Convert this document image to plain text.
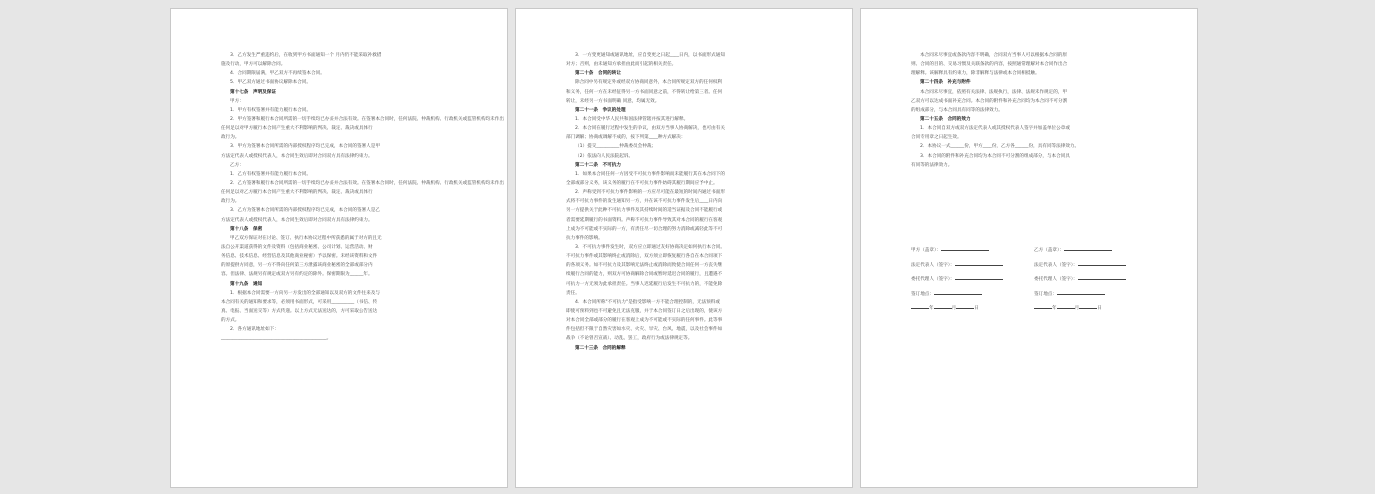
3．乙方发生严重违约后，在收到甲方书面通知一个 月内仍不能采取补救措
施及行动，甲方可以解除合同。
4．合同期限届满，甲乙双方不再续签本合同。
5．甲乙双方通过书面协议解除本合同。
第十七条　声明及保证
甲方：
1．甲方有权签署并有能力履行本合同。
2．甲方签署和履行本合同所需的一切手续均已办妥并合法有效。在签署本合同时，任何法院、仲裁机构、行政机关或监管机构均未作出
任何足以对甲方履行本合同产生重大不利影响的判决、裁定、裁决或具体行
政行为。
3．甲方为签署本合同所需的内部授权程序均已完成，本合同的签署人是甲
方法定代表人或授权代表人，本合同生效后即对合同双方具有法律约束力。
乙方：
1．乙方有权签署并有能力履行本合同。
2．乙方签署和履行本合同所需的一切手续均已办妥并合法有效。在签署本合同时，任何法院、仲裁机构、行政机关或监管机构均未作出
任何足以对乙方履行本合同产生重大不利影响的判决、裁定、裁决或具体行
政行为。
3．乙方为签署本合同所需的内部授权程序均已完成，本合同的签署人是乙
方法定代表人或授权代表人，本合同生效后即对合同双方具有法律约束力。
第十八条　保密
甲乙双方保证对在讨论、签订、执行本协议过程中所获悉的属于对方的且无
法自公开渠道获得的文件及资料（包括商业秘密、公司计划、运营活动、财
务信息、技术信息、经营信息及其他商业秘密）予以保密。未经该资料和文件
的原提供方同意，另一方不得向任何第三方泄露该商业秘密的全部或部分内
容。但法律、法规另有规定或双方另有约定的除外。保密期限为______年。
第十九条　通知
1．根据本合同需要一方向另一方发出的全部通知以及双方的文件往来及与
本合同有关的通知和要求等，必须用书面形式，可采用__________（书信、传
真、电报、当面送交等）方式传递。以上方式无法送达的，方可采取公告送达
的方式。
2．各方通讯地址如下：
______________________________________________。
3．一方变更通知或通讯地址，应自变更之日起____日内，以书面形式通知
对方；否则，由未通知方承担由此而引起的相关责任。
第二十条　合同的转让
除合同中另有规定外或经双方协商同意外，本合同所规定双方的任何权利
和义务，任何一方在未经征得另一方书面同意之前，不得转让给第三者。任何
转让，未经另一方书面明确 同意，均属无效。
第二十一条　争议的处理
1．本合同受中华人民共和国法律管辖并按其进行解释。
2．本合同在履行过程中发生的争议，由双方当事人协商解决，也可由有关
部门调解；协商或调解不成的，按下列第____种方式解决：
（1）提交__________仲裁委员会仲裁；
（2）依法向人民法院起诉。
第二十二条　不可抗力
1．如果本合同任何一方因受不可抗力事件影响而未能履行其在本合同下的
全部或部分义务，该义务的履行在不可抗力事件妨碍其履行期间应予中止。
2．声称受到不可抗力事件影响的一方应尽可能在最短的时间内通过书面形
式将不可抗力事件的发生通知另一方，并在该不可抗力事件发生后____日内向
另一方提供关于此种不可抗力事件及其持续时间的适当证据及合同不能履行或
者需要延期履行的书面资料。声称不可抗力事件导致其对本合同的履行在客观
上成为不可能或不实际的一方，有责任尽一切合理的努力消除或减轻此等不可
抗力事件的影响。
3．不可抗力事件发生时，双方应立即通过友好协商决定如何执行本合同。
不可抗力事件或其影响终止或消除后，双方须立即恢复履行各自在本合同项下
的各项义务。如不可抗力及其影响无法终止或消除而致使合同任何一方丧失继
续履行合同的能力，则双方可协商解除合同或暂时延迟合同的履行，且遭遇不
可抗力一方无须为此承担责任。当事人迟延履行后发生不可抗力的，不能免除
责任。
4．本合同所称"不可抗力"是指受影响一方不能合理控制的，无法预料或
即使可预料到也不可避免且无法克服，并于本合同签订日之后出现的，使该方
对本合同全部或部分的履行在客观上成为不可能或不实际的任何事件。此等事
件包括但不限于自然灾害如水灾、火灾、旱灾、台风、地震，以及社会事件如
战争（不论曾否宣战）、动乱、罢工，政府行为或法律规定等。
第二十三条　合同的解释
本合同未尽事宜或条款内容不明确，合同双方当事人可以根据本合同的原
则、合同的目的、交易习惯及关联条款的内容，按照通常理解对本合同作出合
理解释。该解释具有约束力，除非解释与法律或本合同相抵触。
第二十四条　补充与附件
本合同未尽事宜，依照有关法律、法规执行，法律、法规未作规定的，甲
乙双方可以达成书面补充合同。本合同的附件和补充合同均为本合同不可分割
的组成部分，与本合同具有同等的法律效力。
第二十五条　合同的效力
1．本合同自双方或双方法定代表人或其授权代表人签字并加盖单位公章或
合同专用章之日起生效。
2．本协议一式______份，甲方____份，乙方各______份，具有同等法律效力。
3．本合同的附件和补充合同均为本合同不可分割的组成部分，与本合同具
有同等的法律效力。
甲方（盖章）：	乙方（盖章）：
法定代表人（签字）：	法定代表人（签字）：
委托代理人（签字）：	委托代理人（签字）：
签订地点：	签订地点：
年	月	日	年	月	日
